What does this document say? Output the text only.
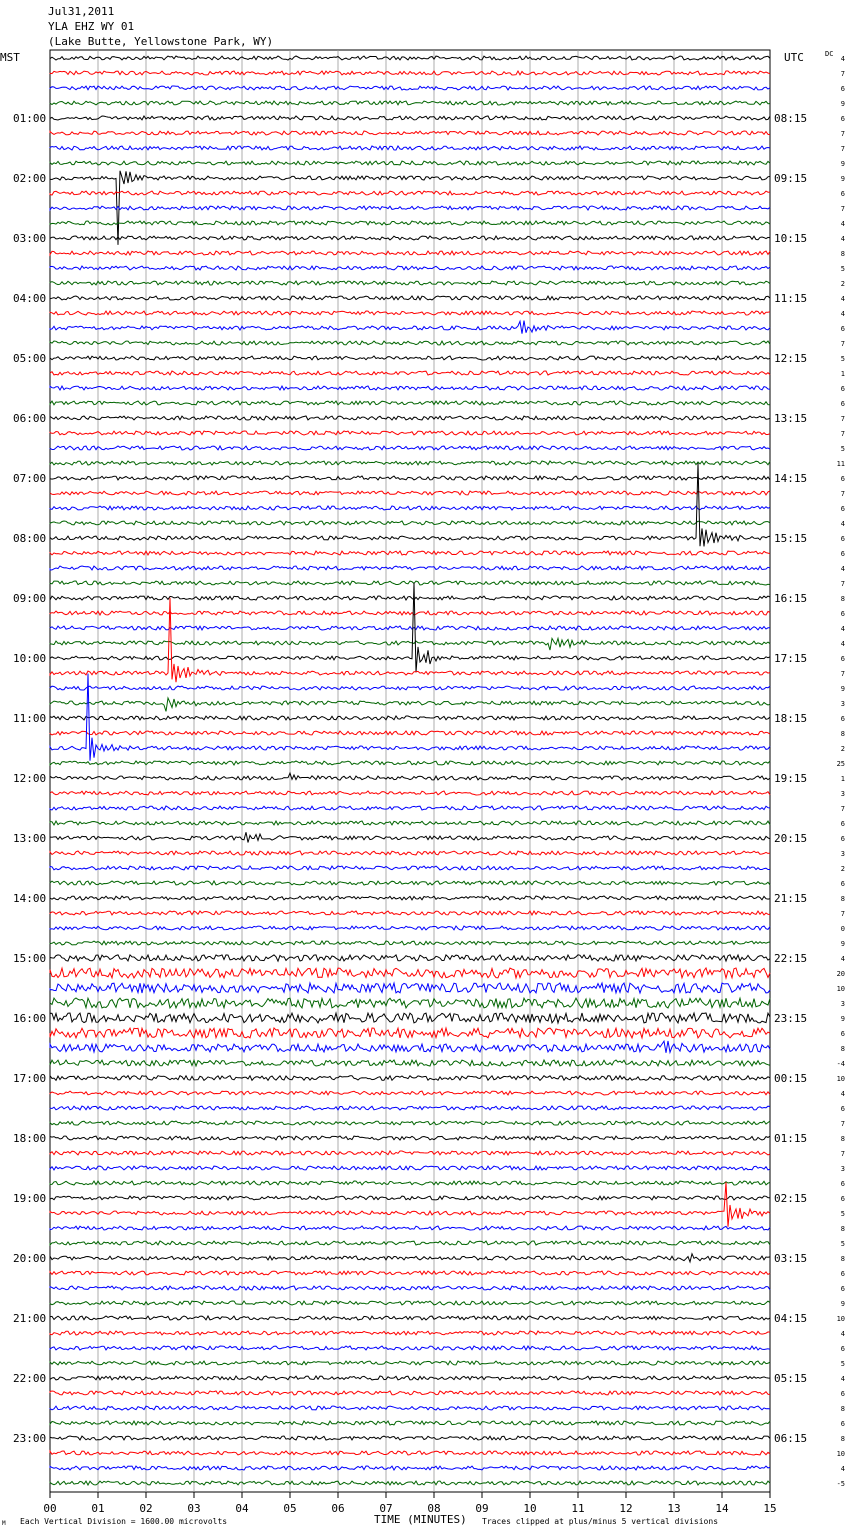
Jul31,2011
YLA EHZ WY 01
(Lake Butte, Yellowstone Park, WY)
MST	UTC	DC
01:00
02:00
03:00
04:00
05:00
06:00
07:00
08:00
09:00
10:00
11:00
12:00
13:00
14:00
15:00
16:00
17:00
18:00
19:00
20:00
21:00
22:00
23:00
08:15
09:15
10:15
11:15
12:15
13:15
14:15
15:15
16:15
17:15
18:15
19:15
20:15
21:15
22:15
23:15
00:15
01:15
02:15
03:15
04:15
05:15
06:15
4
7
6
9
6
7
7
9
9
6
7
4
4
8
5
2
4
4
6
7
5
1
6
6
7
7
5
11
6
7
6
4
6
6
4
7
8
6
4
4
6
7
9
3
6
8
2
25
1
3
7
6
6
3
2
6
8
7
0
9
4
20
10
3
9
6
8
-4
10
4
6
7
8
7
3
6
6
5
8
5
8
6
6
9
10
4
6
5
4
6
8
6
8
10
4
-5
00	01	02	03	04	05	06	07	08	09	10	11	12	13	14	15
M Each Vertical Division = 1600.00 microvolts	TIME (MINUTES) Traces clipped at plus/minus 5 vertical divisions
